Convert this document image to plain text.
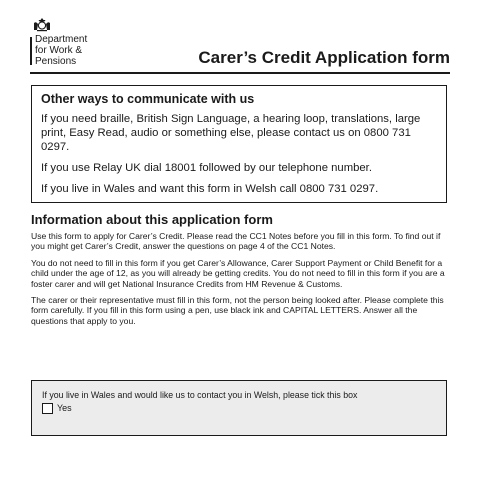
Department
for Work &
Pensions	Carer’s Credit Application form
Other ways to communicate with us

If you need braille, British Sign Language, a hearing loop, translations, large print, Easy Read, audio or something else, please contact us on 0800 731 0297.

If you use Relay UK dial 18001 followed by our telephone number.

If you live in Wales and want this form in Welsh call 0800 731 0297.

Information about this application form

Use this form to apply for Carer’s Credit. Please read the CC1 Notes before you fill in this form. To find out if you might get Carer’s Credit, answer the questions on page 4 of the CC1 Notes.

You do not need to fill in this form if you get Carer’s Allowance, Carer Support Payment or Child Benefit for a child under the age of 12, as you will already be getting credits. You do not need to fill in this form if you are a foster carer and will get National Insurance Credits from HM Revenue & Customs.

The carer or their representative must fill in this form, not the person being looked after. Please complete this form carefully. If you fill in this form using a pen, use black ink and CAPITAL LETTERS. Answer all the questions that apply to you.

If you live in Wales and would like us to contact you in Welsh, please tick this box

Yes
